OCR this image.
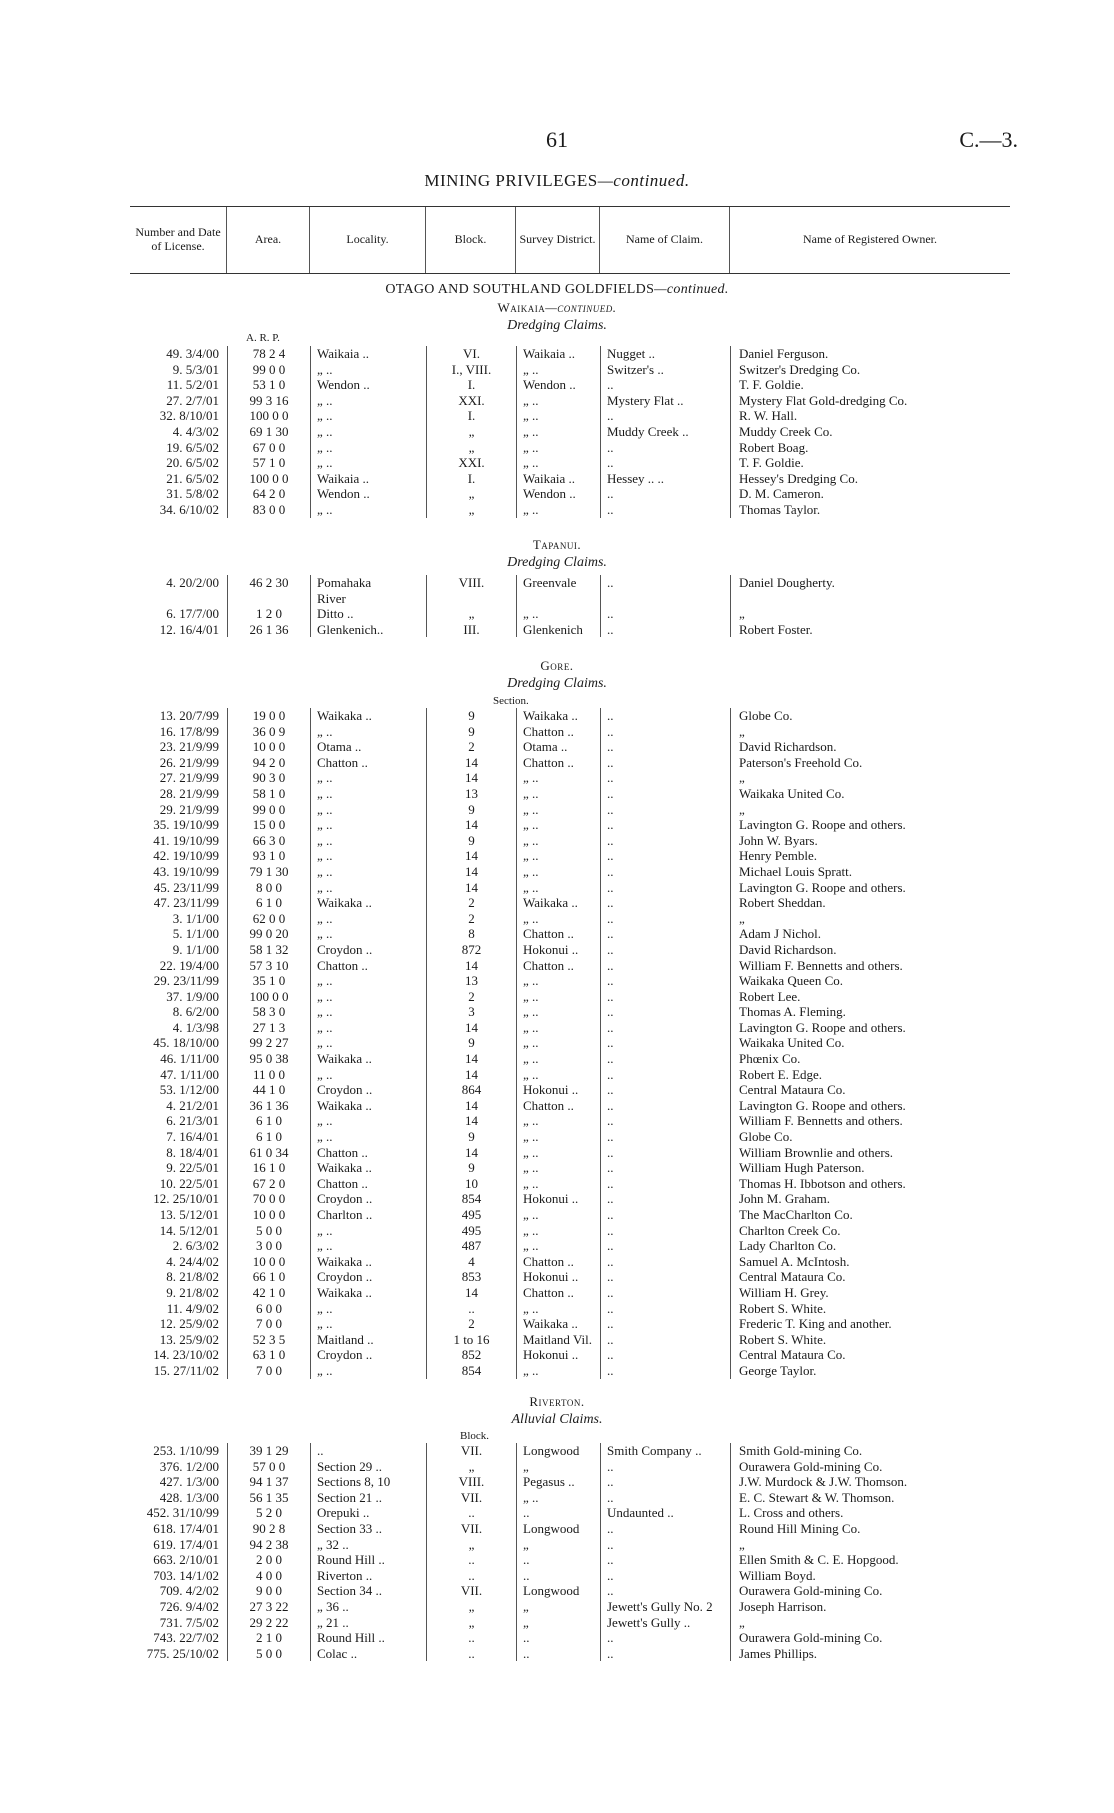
61	C.—3.
MINING PRIVILEGES—continued.
Number and Date of License.	Area.	Locality.	Block.	Survey District.	Name of Claim.	Name of Registered Owner.
OTAGO AND SOUTHLAND GOLDFIELDS—continued.
Waikaia—continued.
Dredging Claims.
A. R. P.
49. 3/4/00	78 2 4	Waikaia ..	VI.	Waikaia ..	Nugget ..	Daniel Ferguson.
9. 5/3/01	99 0 0	„ ..	I., VIII.	„ ..	Switzer's ..	Switzer's Dredging Co.
11. 5/2/01	53 1 0	Wendon ..	I.	Wendon ..	..	T. F. Goldie.
27. 2/7/01	99 3 16	„ ..	XXI.	„ ..	Mystery Flat ..	Mystery Flat Gold-dredging Co.
32. 8/10/01	100 0 0	„ ..	I.	„ ..	..	R. W. Hall.
4. 4/3/02	69 1 30	„ ..	„	„ ..	Muddy Creek ..	Muddy Creek Co.
19. 6/5/02	67 0 0	„ ..	„	„ ..	..	Robert Boag.
20. 6/5/02	57 1 0	„ ..	XXI.	„ ..	..	T. F. Goldie.
21. 6/5/02	100 0 0	Waikaia ..	I.	Waikaia ..	Hessey .. ..	Hessey's Dredging Co.
31. 5/8/02	64 2 0	Wendon ..	„	Wendon ..	..	D. M. Cameron.
34. 6/10/02	83 0 0	„ ..	„	„ ..	..	Thomas Taylor.
Tapanui.
Dredging Claims.
4. 20/2/00	46 2 30	Pomahaka	VIII.	Greenvale	..	Daniel Dougherty.
River
6. 17/7/00	1 2 0	Ditto ..	„	„ ..	..	„
12. 16/4/01	26 1 36	Glenkenich..	III.	Glenkenich	..	Robert Foster.
Gore.
Dredging Claims.
Section.
13. 20/7/99	19 0 0	Waikaka ..	9	Waikaka ..	..	Globe Co.
16. 17/8/99	36 0 9	„ ..	9	Chatton ..	..	„
23. 21/9/99	10 0 0	Otama ..	2	Otama ..	..	David Richardson.
26. 21/9/99	94 2 0	Chatton ..	14	Chatton ..	..	Paterson's Freehold Co.
27. 21/9/99	90 3 0	„ ..	14	„ ..	..	„
28. 21/9/99	58 1 0	„ ..	13	„ ..	..	Waikaka United Co.
29. 21/9/99	99 0 0	„ ..	9	„ ..	..	„
35. 19/10/99	15 0 0	„ ..	14	„ ..	..	Lavington G. Roope and others.
41. 19/10/99	66 3 0	„ ..	9	„ ..	..	John W. Byars.
42. 19/10/99	93 1 0	„ ..	14	„ ..	..	Henry Pemble.
43. 19/10/99	79 1 30	„ ..	14	„ ..	..	Michael Louis Spratt.
45. 23/11/99	8 0 0	„ ..	14	„ ..	..	Lavington G. Roope and others.
47. 23/11/99	6 1 0	Waikaka ..	2	Waikaka ..	..	Robert Sheddan.
3. 1/1/00	62 0 0	„ ..	2	„ ..	..	„
5. 1/1/00	99 0 20	„ ..	8	Chatton ..	..	Adam J Nichol.
9. 1/1/00	58 1 32	Croydon ..	872	Hokonui ..	..	David Richardson.
22. 19/4/00	57 3 10	Chatton ..	14	Chatton ..	..	William F. Bennetts and others.
29. 23/11/99	35 1 0	„ ..	13	„ ..	..	Waikaka Queen Co.
37. 1/9/00	100 0 0	„ ..	2	„ ..	..	Robert Lee.
8. 6/2/00	58 3 0	„ ..	3	„ ..	..	Thomas A. Fleming.
4. 1/3/98	27 1 3	„ ..	14	„ ..	..	Lavington G. Roope and others.
45. 18/10/00	99 2 27	„ ..	9	„ ..	..	Waikaka United Co.
46. 1/11/00	95 0 38	Waikaka ..	14	„ ..	..	Phœnix Co.
47. 1/11/00	11 0 0	„ ..	14	„ ..	..	Robert E. Edge.
53. 1/12/00	44 1 0	Croydon ..	864	Hokonui ..	..	Central Mataura Co.
4. 21/2/01	36 1 36	Waikaka ..	14	Chatton ..	..	Lavington G. Roope and others.
6. 21/3/01	6 1 0	„ ..	14	„ ..	..	William F. Bennetts and others.
7. 16/4/01	6 1 0	„ ..	9	„ ..	..	Globe Co.
8. 18/4/01	61 0 34	Chatton ..	14	„ ..	..	William Brownlie and others.
9. 22/5/01	16 1 0	Waikaka ..	9	„ ..	..	William Hugh Paterson.
10. 22/5/01	67 2 0	Chatton ..	10	„ ..	..	Thomas H. Ibbotson and others.
12. 25/10/01	70 0 0	Croydon ..	854	Hokonui ..	..	John M. Graham.
13. 5/12/01	10 0 0	Charlton ..	495	„ ..	..	The MacCharlton Co.
14. 5/12/01	5 0 0	„ ..	495	„ ..	..	Charlton Creek Co.
2. 6/3/02	3 0 0	„ ..	487	„ ..	..	Lady Charlton Co.
4. 24/4/02	10 0 0	Waikaka ..	4	Chatton ..	..	Samuel A. McIntosh.
8. 21/8/02	66 1 0	Croydon ..	853	Hokonui ..	..	Central Mataura Co.
9. 21/8/02	42 1 0	Waikaka ..	14	Chatton ..	..	William H. Grey.
11. 4/9/02	6 0 0	„ ..	..	„ ..	..	Robert S. White.
12. 25/9/02	7 0 0	„ ..	2	Waikaka ..	..	Frederic T. King and another.
13. 25/9/02	52 3 5	Maitland ..	1 to 16	Maitland Vil.	..	Robert S. White.
14. 23/10/02	63 1 0	Croydon ..	852	Hokonui ..	..	Central Mataura Co.
15. 27/11/02	7 0 0	„ ..	854	„ ..	..	George Taylor.
Riverton.
Alluvial Claims.
Block.
253. 1/10/99	39 1 29	..	VII.	Longwood	Smith Company ..	Smith Gold-mining Co.
376. 1/2/00	57 0 0	Section 29 ..	„	„	..	Ourawera Gold-mining Co.
427. 1/3/00	94 1 37	Sections 8, 10	VIII.	Pegasus ..	..	J.W. Murdock & J.W. Thomson.
428. 1/3/00	56 1 35	Section 21 ..	VII.	„ ..	..	E. C. Stewart & W. Thomson.
452. 31/10/99	5 2 0	Orepuki ..	..	..	Undaunted ..	L. Cross and others.
618. 17/4/01	90 2 8	Section 33 ..	VII.	Longwood	..	Round Hill Mining Co.
619. 17/4/01	94 2 38	„ 32 ..	„	„	..	„
663. 2/10/01	2 0 0	Round Hill ..	..	..	..	Ellen Smith & C. E. Hopgood.
703. 14/1/02	4 0 0	Riverton ..	..	..	..	William Boyd.
709. 4/2/02	9 0 0	Section 34 ..	VII.	Longwood	..	Ourawera Gold-mining Co.
726. 9/4/02	27 3 22	„ 36 ..	„	„	Jewett's Gully No. 2	Joseph Harrison.
731. 7/5/02	29 2 22	„ 21 ..	„	„	Jewett's Gully ..	„
743. 22/7/02	2 1 0	Round Hill ..	..	..	..	Ourawera Gold-mining Co.
775. 25/10/02	5 0 0	Colac ..	..	..	..	James Phillips.
